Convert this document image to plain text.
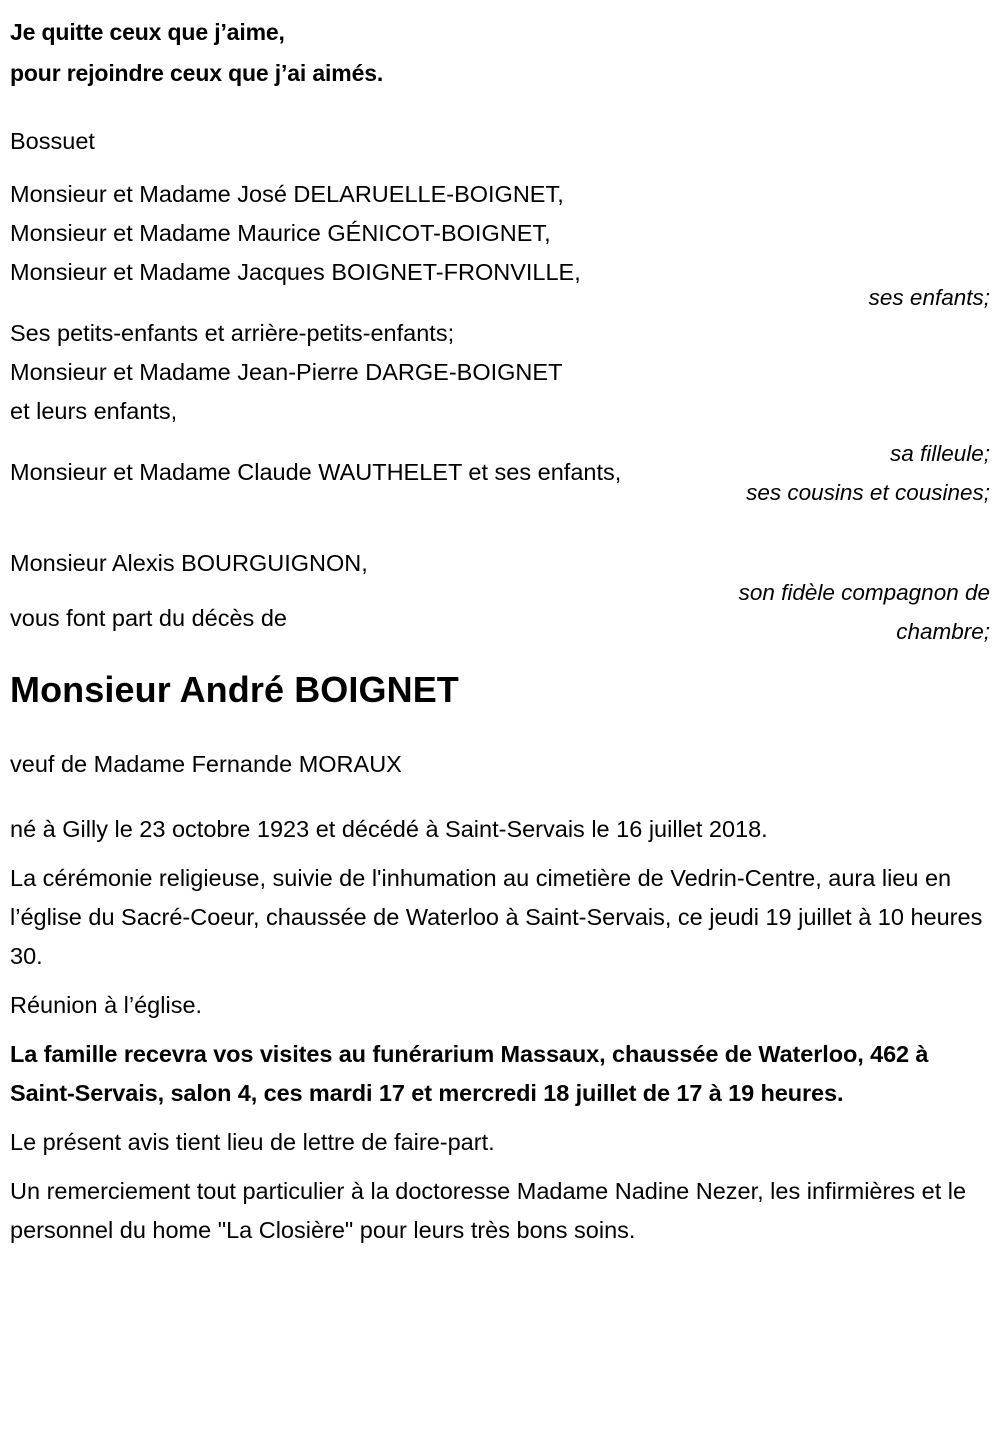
Je quitte ceux que j’aime,
pour rejoindre ceux que j’ai aimés.
Bossuet
Monsieur et Madame José DELARUELLE-BOIGNET,
Monsieur et Madame Maurice GÉNICOT-BOIGNET,
Monsieur et Madame Jacques BOIGNET-FRONVILLE,
Ses petits-enfants et arrière-petits-enfants;
Monsieur et Madame Jean-Pierre DARGE-BOIGNET
et leurs enfants,
Monsieur et Madame Claude WAUTHELET et ses enfants,
Monsieur Alexis BOURGUIGNON,
ses enfants;
sa filleule;
ses cousins et cousines;
son fidèle compagnon de chambre;
vous font part du décès de
Monsieur André BOIGNET
veuf de Madame Fernande MORAUX
né à Gilly le 23 octobre 1923 et décédé à Saint-Servais le 16 juillet 2018.
La cérémonie religieuse, suivie de l'inhumation au cimetière de Vedrin-Centre, aura lieu en l’église du Sacré-Coeur, chaussée de Waterloo à Saint-Servais, ce jeudi 19 juillet à 10 heures 30.
Réunion à l’église.
La famille recevra vos visites au funérarium Massaux, chaussée de Waterloo, 462 à Saint-Servais, salon 4, ces mardi 17 et mercredi 18 juillet de 17 à 19 heures.
Le présent avis tient lieu de lettre de faire-part.
Un remerciement tout particulier à la doctoresse Madame Nadine Nezer, les infirmières et le personnel du home "La Closière" pour leurs très bons soins.
